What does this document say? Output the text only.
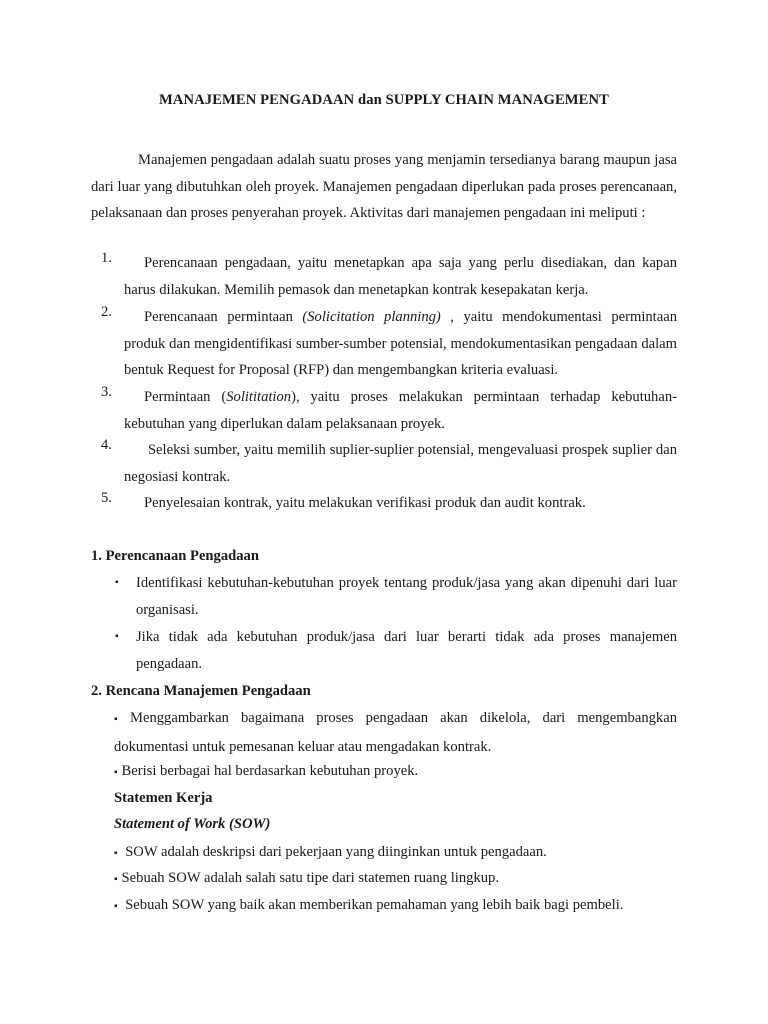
MANAJEMEN PENGADAAN dan SUPPLY CHAIN MANAGEMENT

Manajemen pengadaan adalah suatu proses yang menjamin tersedianya barang maupun jasa dari luar yang dibutuhkan oleh proyek. Manajemen pengadaan diperlukan pada proses perencanaan, pelaksanaan dan proses penyerahan proyek. Aktivitas dari manajemen pengadaan ini meliputi :

1.	Perencanaan pengadaan, yaitu menetapkan apa saja yang perlu disediakan, dan kapan harus dilakukan. Memilih pemasok dan menetapkan kontrak kesepakatan kerja.

2.	Perencanaan permintaan (Solicitation planning) , yaitu mendokumentasi permintaan produk dan mengidentifikasi sumber-sumber potensial, mendokumentasikan pengadaan dalam bentuk Request for Proposal (RFP) dan mengembangkan kriteria evaluasi.

3.	Permintaan (Solititation), yaitu proses melakukan permintaan terhadap kebutuhan-kebutuhan yang diperlukan dalam pelaksanaan proyek.

4.	Seleksi sumber, yaitu memilih suplier-suplier potensial, mengevaluasi prospek suplier dan negosiasi kontrak.

5.	Penyelesaian kontrak, yaitu melakukan verifikasi produk dan audit kontrak.

1. Perencanaan Pengadaan
▪ Identifikasi kebutuhan-kebutuhan proyek tentang produk/jasa yang akan dipenuhi dari luar organisasi.

▪ Jika tidak ada kebutuhan produk/jasa dari luar berarti tidak ada proses manajemen pengadaan.

2. Rencana Manajemen Pengadaan

▪ Menggambarkan bagaimana proses pengadaan akan dikelola, dari mengembangkan dokumentasi untuk pemesanan keluar atau mengadakan kontrak.

▪ Berisi berbagai hal berdasarkan kebutuhan proyek.

Statemen Kerja
Statement of Work (SOW)

▪ SOW adalah deskripsi dari pekerjaan yang diinginkan untuk pengadaan.

▪ Sebuah SOW adalah salah satu tipe dari statemen ruang lingkup.

▪ Sebuah SOW yang baik akan memberikan pemahaman yang lebih baik bagi pembeli.
